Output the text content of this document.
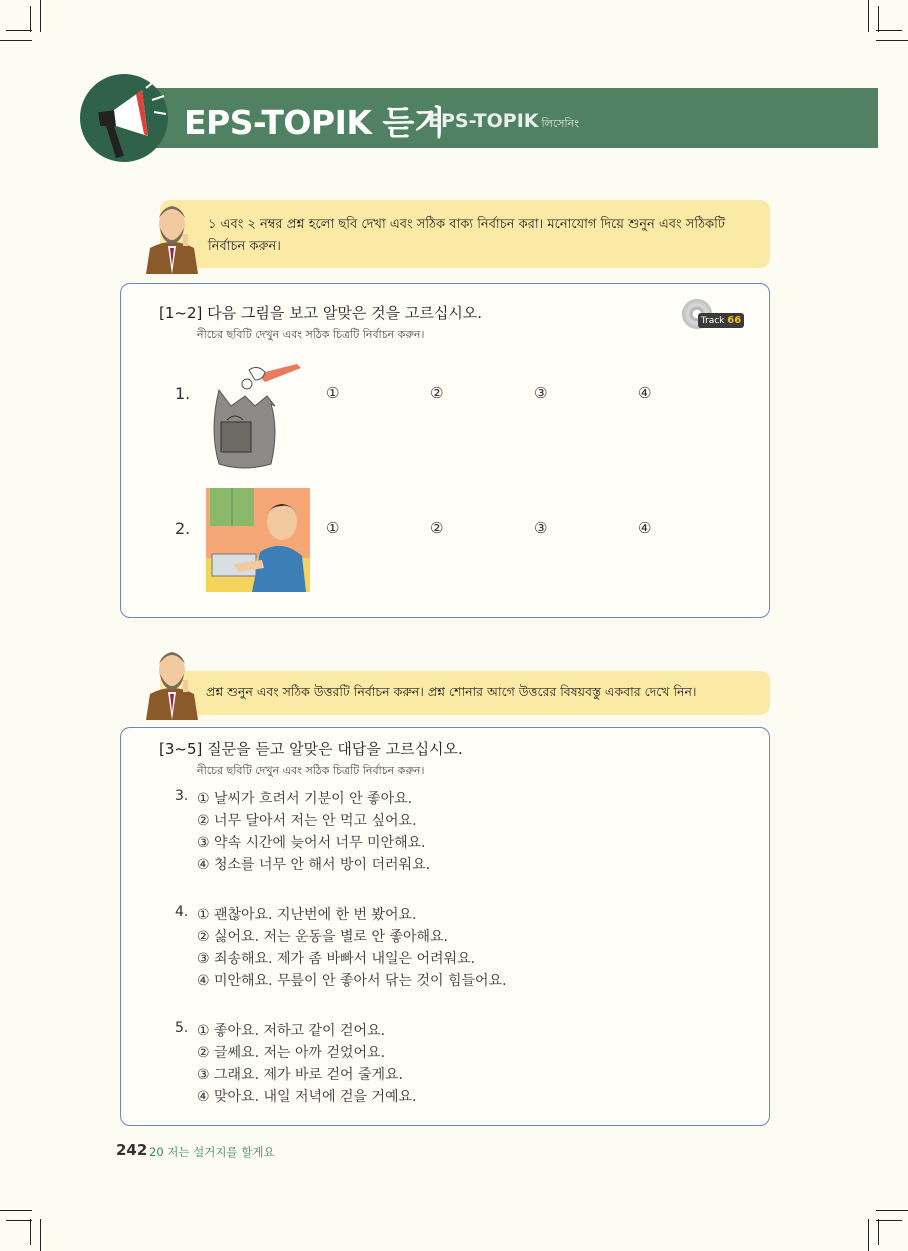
EPS-TOPIK 듣기
EPS-TOPIK লিসেনিং
১ এবং ২ নম্বর প্রশ্ন হলো ছবি দেখা এবং সঠিক বাক্য নির্বাচন করা। মনোযোগ দিয়ে শুনুন এবং সঠিকটি নির্বাচন করুন।
[1~2] 다음 그림을 보고 알맞은 것을 고르십시오.
নীচের ছবিটি দেখুন এবং সঠিক চিত্রটি নির্বাচন করুন।
Track 66
1.	①	②	③	④
2.	①	②	③	④
প্রশ্ন শুনুন এবং সঠিক উত্তরটি নির্বাচন করুন। প্রশ্ন শোনার আগে উত্তরের বিষয়বস্তু একবার দেখে নিন।
[3~5] 질문을 듣고 알맞은 대답을 고르십시오.
নীচের ছবিটি দেখুন এবং সঠিক চিত্রটি নির্বাচন করুন।
3. ① 날씨가 흐려서 기분이 안 좋아요.
② 너무 달아서 저는 안 먹고 싶어요.
③ 약속 시간에 늦어서 너무 미안해요.
④ 청소를 너무 안 해서 방이 더러워요.
4. ① 괜찮아요. 지난번에 한 번 봤어요.
② 싫어요. 저는 운동을 별로 안 좋아해요.
③ 죄송해요. 제가 좀 바빠서 내일은 어려워요.
④ 미안해요. 무릎이 안 좋아서 닦는 것이 힘들어요.
5. ① 좋아요. 저하고 같이 걷어요.
② 글쎄요. 저는 아까 걷었어요.
③ 그래요. 제가 바로 걷어 줄게요.
④ 맞아요. 내일 저녁에 걷을 거예요.
242 20 저는 설거지를 할게요
